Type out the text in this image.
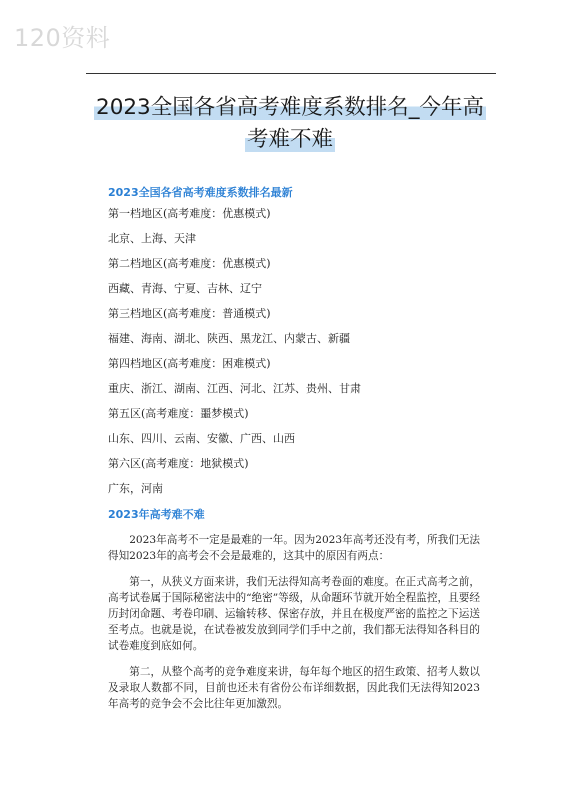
120资料
2023全国各省高考难度系数排名_今年高
考难不难

2023全国各省高考难度系数排名最新

第一档地区(高考难度：优惠模式)

北京、上海、天津

第二档地区(高考难度：优惠模式)

西藏、青海、宁夏、吉林、辽宁

第三档地区(高考难度：普通模式)

福建、海南、湖北、陕西、黑龙江、内蒙古、新疆

第四档地区(高考难度：困难模式)

重庆、浙江、湖南、江西、河北、江苏、贵州、甘肃

第五区(高考难度：噩梦模式)

山东、四川、云南、安徽、广西、山西

第六区(高考难度：地狱模式)

广东，河南

2023年高考难不难

2023年高考不一定是最难的一年。因为2023年高考还没有考，所我们无法得知2023年的高考会不会是最难的，这其中的原因有两点：

第一，从狭义方面来讲，我们无法得知高考卷面的难度。在正式高考之前，高考试卷属于国际秘密法中的“绝密”等级，从命题环节就开始全程监控，且要经历封闭命题、考卷印刷、运输转移、保密存放，并且在极度严密的监控之下运送至考点。也就是说，在试卷被发放到同学们手中之前，我们都无法得知各科目的试卷难度到底如何。

第二，从整个高考的竞争难度来讲，每年每个地区的招生政策、招考人数以及录取人数都不同，目前也还未有省份公布详细数据，因此我们无法得知2023年高考的竞争会不会比往年更加激烈。
